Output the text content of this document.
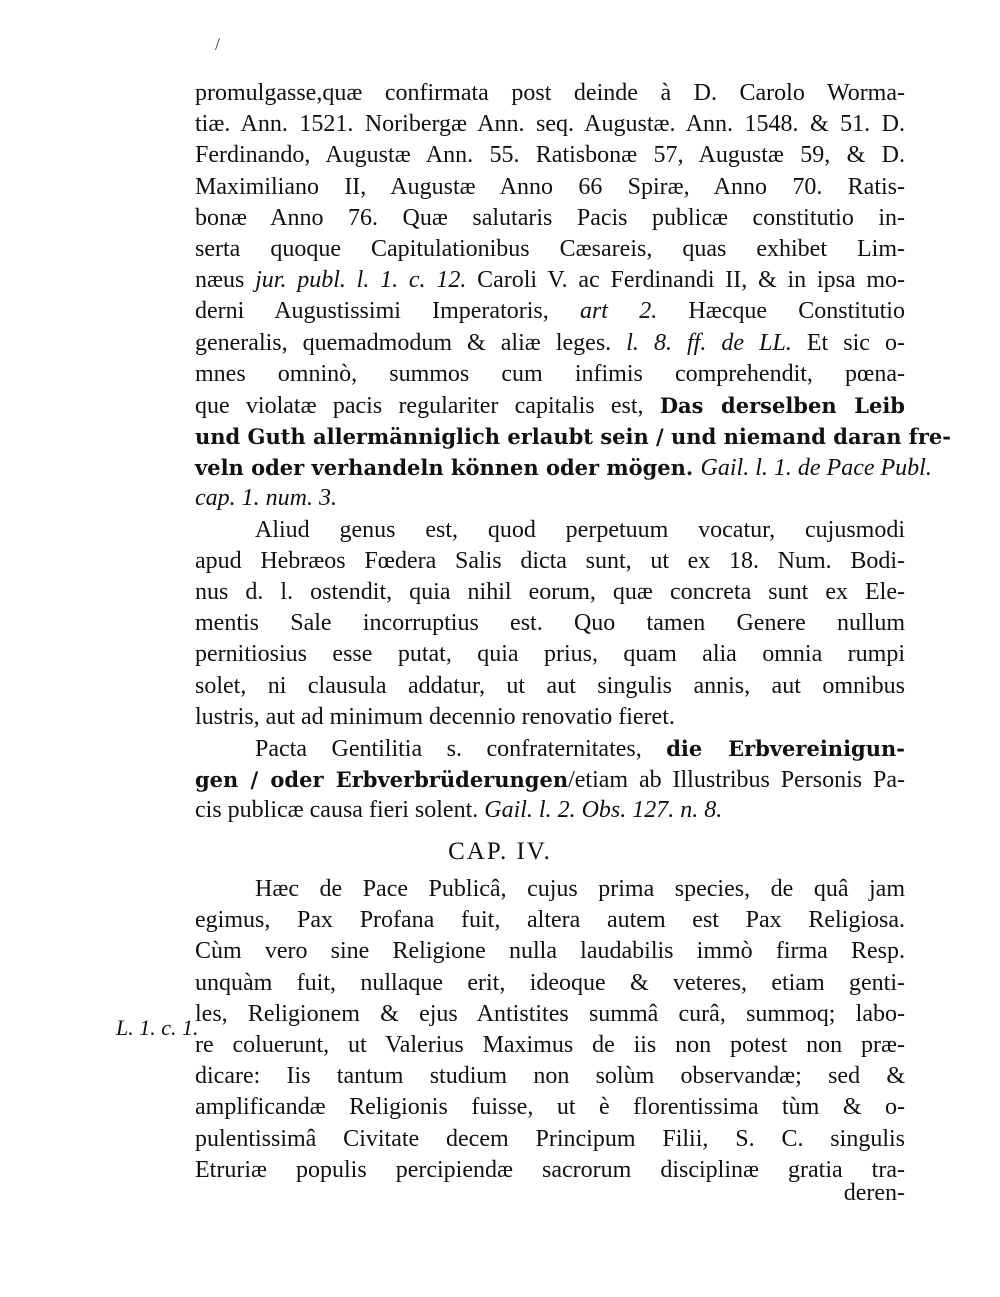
/
promulgasse,quæ confirmata post deinde à D. Carolo Worma-
tiæ. Ann. 1521. Noribergæ Ann. seq. Augustæ. Ann. 1548. & 51. D.
Ferdinando, Augustæ Ann. 55. Ratisbonæ 57, Augustæ 59, & D.
Maximiliano II, Augustæ Anno 66 Spiræ, Anno 70. Ratis-
bonæ Anno 76. Quæ salutaris Pacis publicæ constitutio in-
serta quoque Capitulationibus Cæsareis, quas exhibet Lim-
næus jur. publ. l. 1. c. 12. Caroli V. ac Ferdinandi II, & in ipsa mo-
derni Augustissimi Imperatoris, art 2. Hæcque Constitutio
generalis, quemadmodum & aliæ leges. l. 8. ff. de LL. Et sic o-
mnes omninò, summos cum infimis comprehendit, pœna-
que violatæ pacis regulariter capitalis est, Das derselben Leib
und Guth allermänniglich erlaubt sein / und niemand daran fre-
veln oder verhandeln können oder mögen. Gail. l. 1. de Pace Publ.
cap. 1. num. 3.
Aliud genus est, quod perpetuum vocatur, cujusmodi
apud Hebræos Fœdera Salis dicta sunt, ut ex 18. Num. Bodi-
nus d. l. ostendit, quia nihil eorum, quæ concreta sunt ex Ele-
mentis Sale incorruptius est. Quo tamen Genere nullum
pernitiosius esse putat, quia prius, quam alia omnia rumpi
solet, ni clausula addatur, ut aut singulis annis, aut omnibus
lustris, aut ad minimum decennio renovatio fieret.
Pacta Gentilitia s. confraternitates, die Erbvereinigun-
gen / oder Erbverbrüderungen/etiam ab Illustribus Personis Pa-
cis publicæ causa fieri solent. Gail. l. 2. Obs. 127. n. 8.
CAP. IV.
Hæc de Pace Publicâ, cujus prima species, de quâ jam
egimus, Pax Profana fuit, altera autem est Pax Religiosa.
Cùm vero sine Religione nulla laudabilis immò firma Resp.
unquàm fuit, nullaque erit, ideoque & veteres, etiam genti-
les, Religionem & ejus Antistites summâ curâ, summoq; labo-
re coluerunt, ut Valerius Maximus de iis non potest non præ-
dicare: Iis tantum studium non solùm observandæ; sed &
amplificandæ Religionis fuisse, ut è florentissima tùm & o-
pulentissimâ Civitate decem Principum Filii, S. C. singulis
Etruriæ populis percipiendæ sacrorum disciplinæ gratia tra-
L. 1. c. 1.
deren-
